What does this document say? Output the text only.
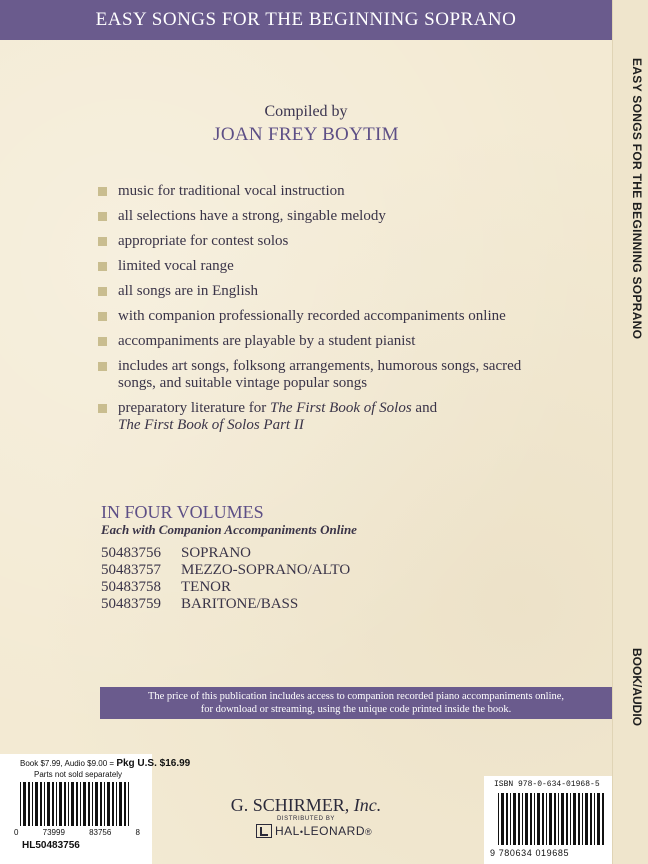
EASY SONGS FOR THE BEGINNING SOPRANO
EASY SONGS FOR THE BEGINNING SOPRANO
BOOK/AUDIO
Compiled by
JOAN FREY BOYTIM
music for traditional vocal instruction
all selections have a strong, singable melody
appropriate for contest solos
limited vocal range
all songs are in English
with companion professionally recorded accompaniments online
accompaniments are playable by a student pianist
includes art songs, folksong arrangements, humorous songs, sacred songs, and suitable vintage popular songs
preparatory literature for The First Book of Solos and
The First Book of Solos Part II
IN FOUR VOLUMES
Each with Companion Accompaniments Online
50483756	SOPRANO
50483757	MEZZO-SOPRANO/ALTO
50483758	TENOR
50483759	BARITONE/BASS
The price of this publication includes access to companion recorded piano accompaniments online,
for download or streaming, using the unique code printed inside the book.
Book $7.99, Audio $9.00 = Pkg U.S. $16.99
Parts not sold separately
0	73999	83756	8
HL50483756
G. SCHIRMER, Inc.
DISTRIBUTED BY
HAL•LEONARD®
ISBN 978-0-634-01968-5
9 780634 019685
